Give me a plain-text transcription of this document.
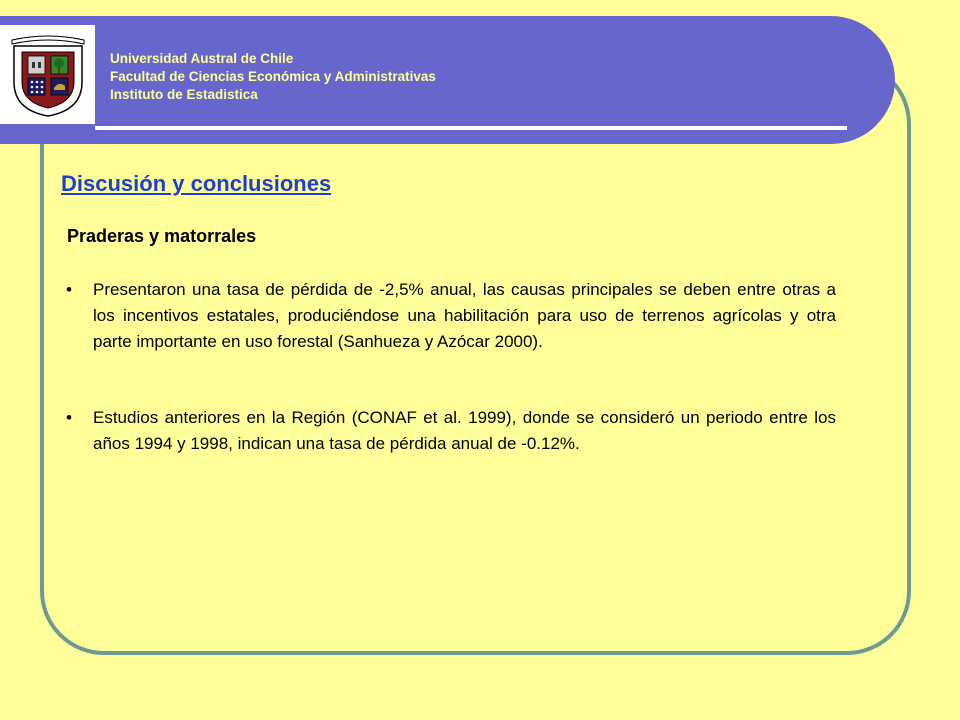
Universidad Austral de Chile
Facultad de Ciencias Económica y Administrativas
Instituto de Estadistica
Discusión y conclusiones
Praderas y matorrales
•	Presentaron una tasa de pérdida de -2,5% anual, las causas principales se deben entre otras a los incentivos estatales, produciéndose una habilitación para uso de terrenos agrícolas y otra parte importante en uso forestal (Sanhueza y Azócar 2000).
•	Estudios anteriores en la Región (CONAF et al. 1999), donde se consideró un periodo entre los años 1994 y 1998, indican una tasa de pérdida anual de -0.12%.
